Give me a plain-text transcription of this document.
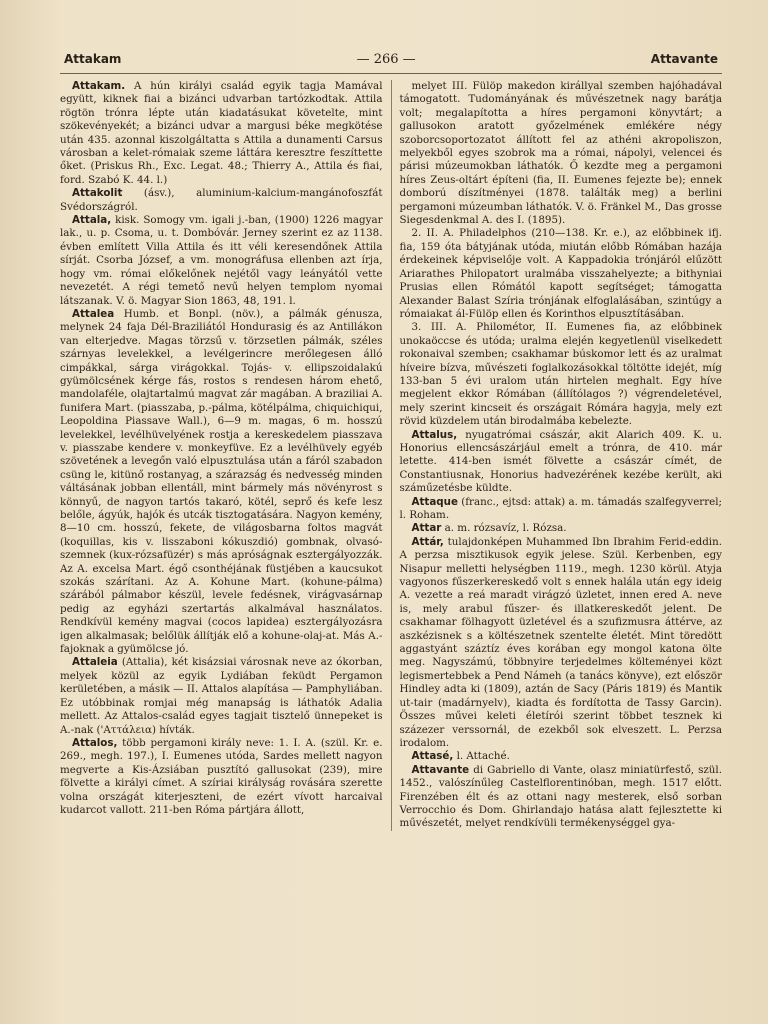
Attakam	— 266 —	Attavante

Attakam. A hún királyi család egyik tagja Mamával együtt, kiknek fiai a bizánci udvarban tartózkodtak. Attila rögtön trónra lépte után kiadatásukat követelte, mint szökevényekét; a bizánci udvar a margusi béke megkötése után 435. azonnal kiszolgáltatta s Attila a dunamenti Carsus városban a kelet-rómaiak szeme láttára keresztre feszíttette őket. (Priskus Rh., Exc. Legat. 48.; Thierry A., Attila és fiai, ford. Szabó K. 44. l.)

Attakolit (ásv.), aluminium-kalcium-mangánofoszfát Svédországról.

Attala, kisk. Somogy vm. igali j.-ban, (1900) 1226 magyar lak., u. p. Csoma, u. t. Dombóvár. Jerney szerint ez az 1138. évben említett Villa Attila és itt véli keresendőnek Attila sírját. Csorba József, a vm. monográfusa ellenben azt írja, hogy vm. római előkelőnek nejétől vagy leányától vette nevezetét. A régi temető nevű helyen templom nyomai látszanak. V. ö. Magyar Sion 1863, 48, 191. l.

Attalea Humb. et Bonpl. (növ.), a pálmák génusza, melynek 24 faja Dél-Braziliától Hondurasig és az Antillákon van elterjedve. Magas törzsű v. törzsetlen pálmák, széles szárnyas levelekkel, a levélgerincre merőlegesen álló cimpákkal, sárga virágokkal. Tojás- v. ellipszoidalakú gyümölcsének kérge fás, rostos s rendesen három ehető, mandolaféle, olajtartalmú magvat zár magában. A braziliai A. funifera Mart. (piasszaba, p.-pálma, kötélpálma, chiquichiqui, Leopoldina Piassave Wall.), 6—9 m. magas, 6 m. hosszú levelekkel, levélhüvelyének rostja a kereskedelem piasszava v. piasszabe kendere v. monkeyfüve. Ez a levélhüvely egyéb szövetének a levegőn való elpusztulása után a fáról szabadon csüng le, kitünő rostanyag, a szárazság és nedvesség minden váltásának jobban ellentáll, mint bármely más növényrost s könnyű, de nagyon tartós takaró, kötél, seprő és kefe lesz belőle, ágyúk, hajók és utcák tisztogatására. Nagyon kemény, 8—10 cm. hosszú, fekete, de világosbarna foltos magvát (koquillas, kis v. lisszaboni kókuszdió) gombnak, olvasó-szemnek (kux-rózsafüzér) s más apróságnak esztergályozzák. Az A. excelsa Mart. égő csonthéjának füstjében a kaucsukot szokás szárítani. Az A. Kohune Mart. (kohune-pálma) szárából pálmabor készül, levele fedésnek, virágvasárnap pedig az egyházi szertartás alkalmával használatos. Rendkívül kemény magvai (cocos lapidea) esztergályozásra igen alkalmasak; belőlük állítják elő a kohune-olaj-at. Más A.-fajoknak a gyümölcse jó.

Attaleia (Attalia), két kisázsiai városnak neve az ókorban, melyek közül az egyik Lydiában feküdt Pergamon kerületében, a másik — II. Attalos alapítása — Pamphyliában. Ez utóbbinak romjai még manapság is láthatók Adalia mellett. Az Attalos-család egyes tagjait tisztelő ünnepeket is A.-nak ('Aττάλεια) hívták.

Attalos, több pergamoni király neve: 1. I. A. (szül. Kr. e. 269., megh. 197.), I. Eumenes utóda, Sardes mellett nagyon megverte a Kis-Ázsiában pusztító gallusokat (239), mire fölvette a királyi címet. A szíriai királyság rovására szerette volna országát kiterjeszteni, de ezért vívott harcaival kudarcot vallott. 211-ben Róma pártjára állott,

melyet III. Fülöp makedon királlyal szemben hajóhadával támogatott. Tudományának és művészetnek nagy barátja volt; megalapította a híres pergamoni könyvtárt; a gallusokon aratott győzelmének emlékére négy szoborcsoportozatot állított fel az athéni akropoliszon, melyekből egyes szobrok ma a római, nápolyi, velencei és párisi múzeumokban láthatók. Ő kezdte meg a pergamoni híres Zeus-oltárt építeni (fia, II. Eumenes fejezte be); ennek domború díszítményei (1878. találták meg) a berlini pergamoni múzeumban láthatók. V. ö. Fränkel M., Das grosse Siegesdenkmal A. des I. (1895).

2. II. A. Philadelphos (210—138. Kr. e.), az előbbinek ifj. fia, 159 óta bátyjának utóda, miután előbb Rómában hazája érdekeinek képviselője volt. A Kappadokia trónjáról elűzött Ariarathes Philopatort uralmába visszahelyezte; a bithyniai Prusias ellen Rómától kapott segítséget; támogatta Alexander Balast Szíria trónjának elfoglalásában, szintúgy a rómaiakat ál-Fülöp ellen és Korinthos elpusztításában.

3. III. A. Philométor, II. Eumenes fia, az előbbinek unokaöccse és utóda; uralma elején kegyetlenül viselkedett rokonaival szemben; csakhamar búskomor lett és az uralmat híveire bízva, művészeti foglalkozásokkal töltötte idejét, míg 133-ban 5 évi uralom után hirtelen meghalt. Egy híve megjelent ekkor Rómában (állítólagos ?) végrendeletével, mely szerint kincseit és országait Rómára hagyja, mely ezt rövid küzdelem után birodalmába kebelezte.

Attalus, nyugatrómai császár, akit Alarich 409. K. u. Honorius ellencsászárjául emelt a trónra, de 410. már letette. 414-ben ismét fölvette a császár címét, de Constantiusnak, Honorius hadvezérének kezébe került, aki száműzetésbe küldte.

Attaque (franc., ejtsd: attak) a. m. támadás szalfegyverrel; l. Roham.

Attar a. m. rózsavíz, l. Rózsa.

Attár, tulajdonképen Muhammed Ibn Ibrahim Ferid-eddin. A perzsa misztikusok egyik jelese. Szül. Kerbenben, egy Nisapur melletti helységben 1119., megh. 1230 körül. Atyja vagyonos fűszerkereskedő volt s ennek halála után egy ideig A. vezette a reá maradt virágzó üzletet, innen ered A. neve is, mely arabul fűszer- és illatkereskedőt jelent. De csakhamar fölhagyott üzletével és a szufizmusra áttérve, az aszkézisnek s a költészetnek szentelte életét. Mint töredött aggastyánt száztíz éves korában egy mongol katona ölte meg. Nagyszámú, többnyire terjedelmes költeményei közt legismertebbek a Pend Námeh (a tanács könyve), ezt először Hindley adta ki (1809), aztán de Sacy (Páris 1819) és Mantik ut-tair (madárnyelv), kiadta és fordította de Tassy Garcin). Összes művei keleti életírói szerint többet tesznek ki százezer verssornál, de ezekből sok elveszett. L. Perzsa irodalom.

Attasé, l. Attaché.

Attavante di Gabriello di Vante, olasz miniatürfestő, szül. 1452., valószínűleg Castelflorentinóban, megh. 1517 előtt. Firenzében élt és az ottani nagy mesterek, első sorban Verrocchio és Dom. Ghirlandajo hatása alatt fejlesztette ki művészetét, melyet rendkívüli termékenységgel gya-
